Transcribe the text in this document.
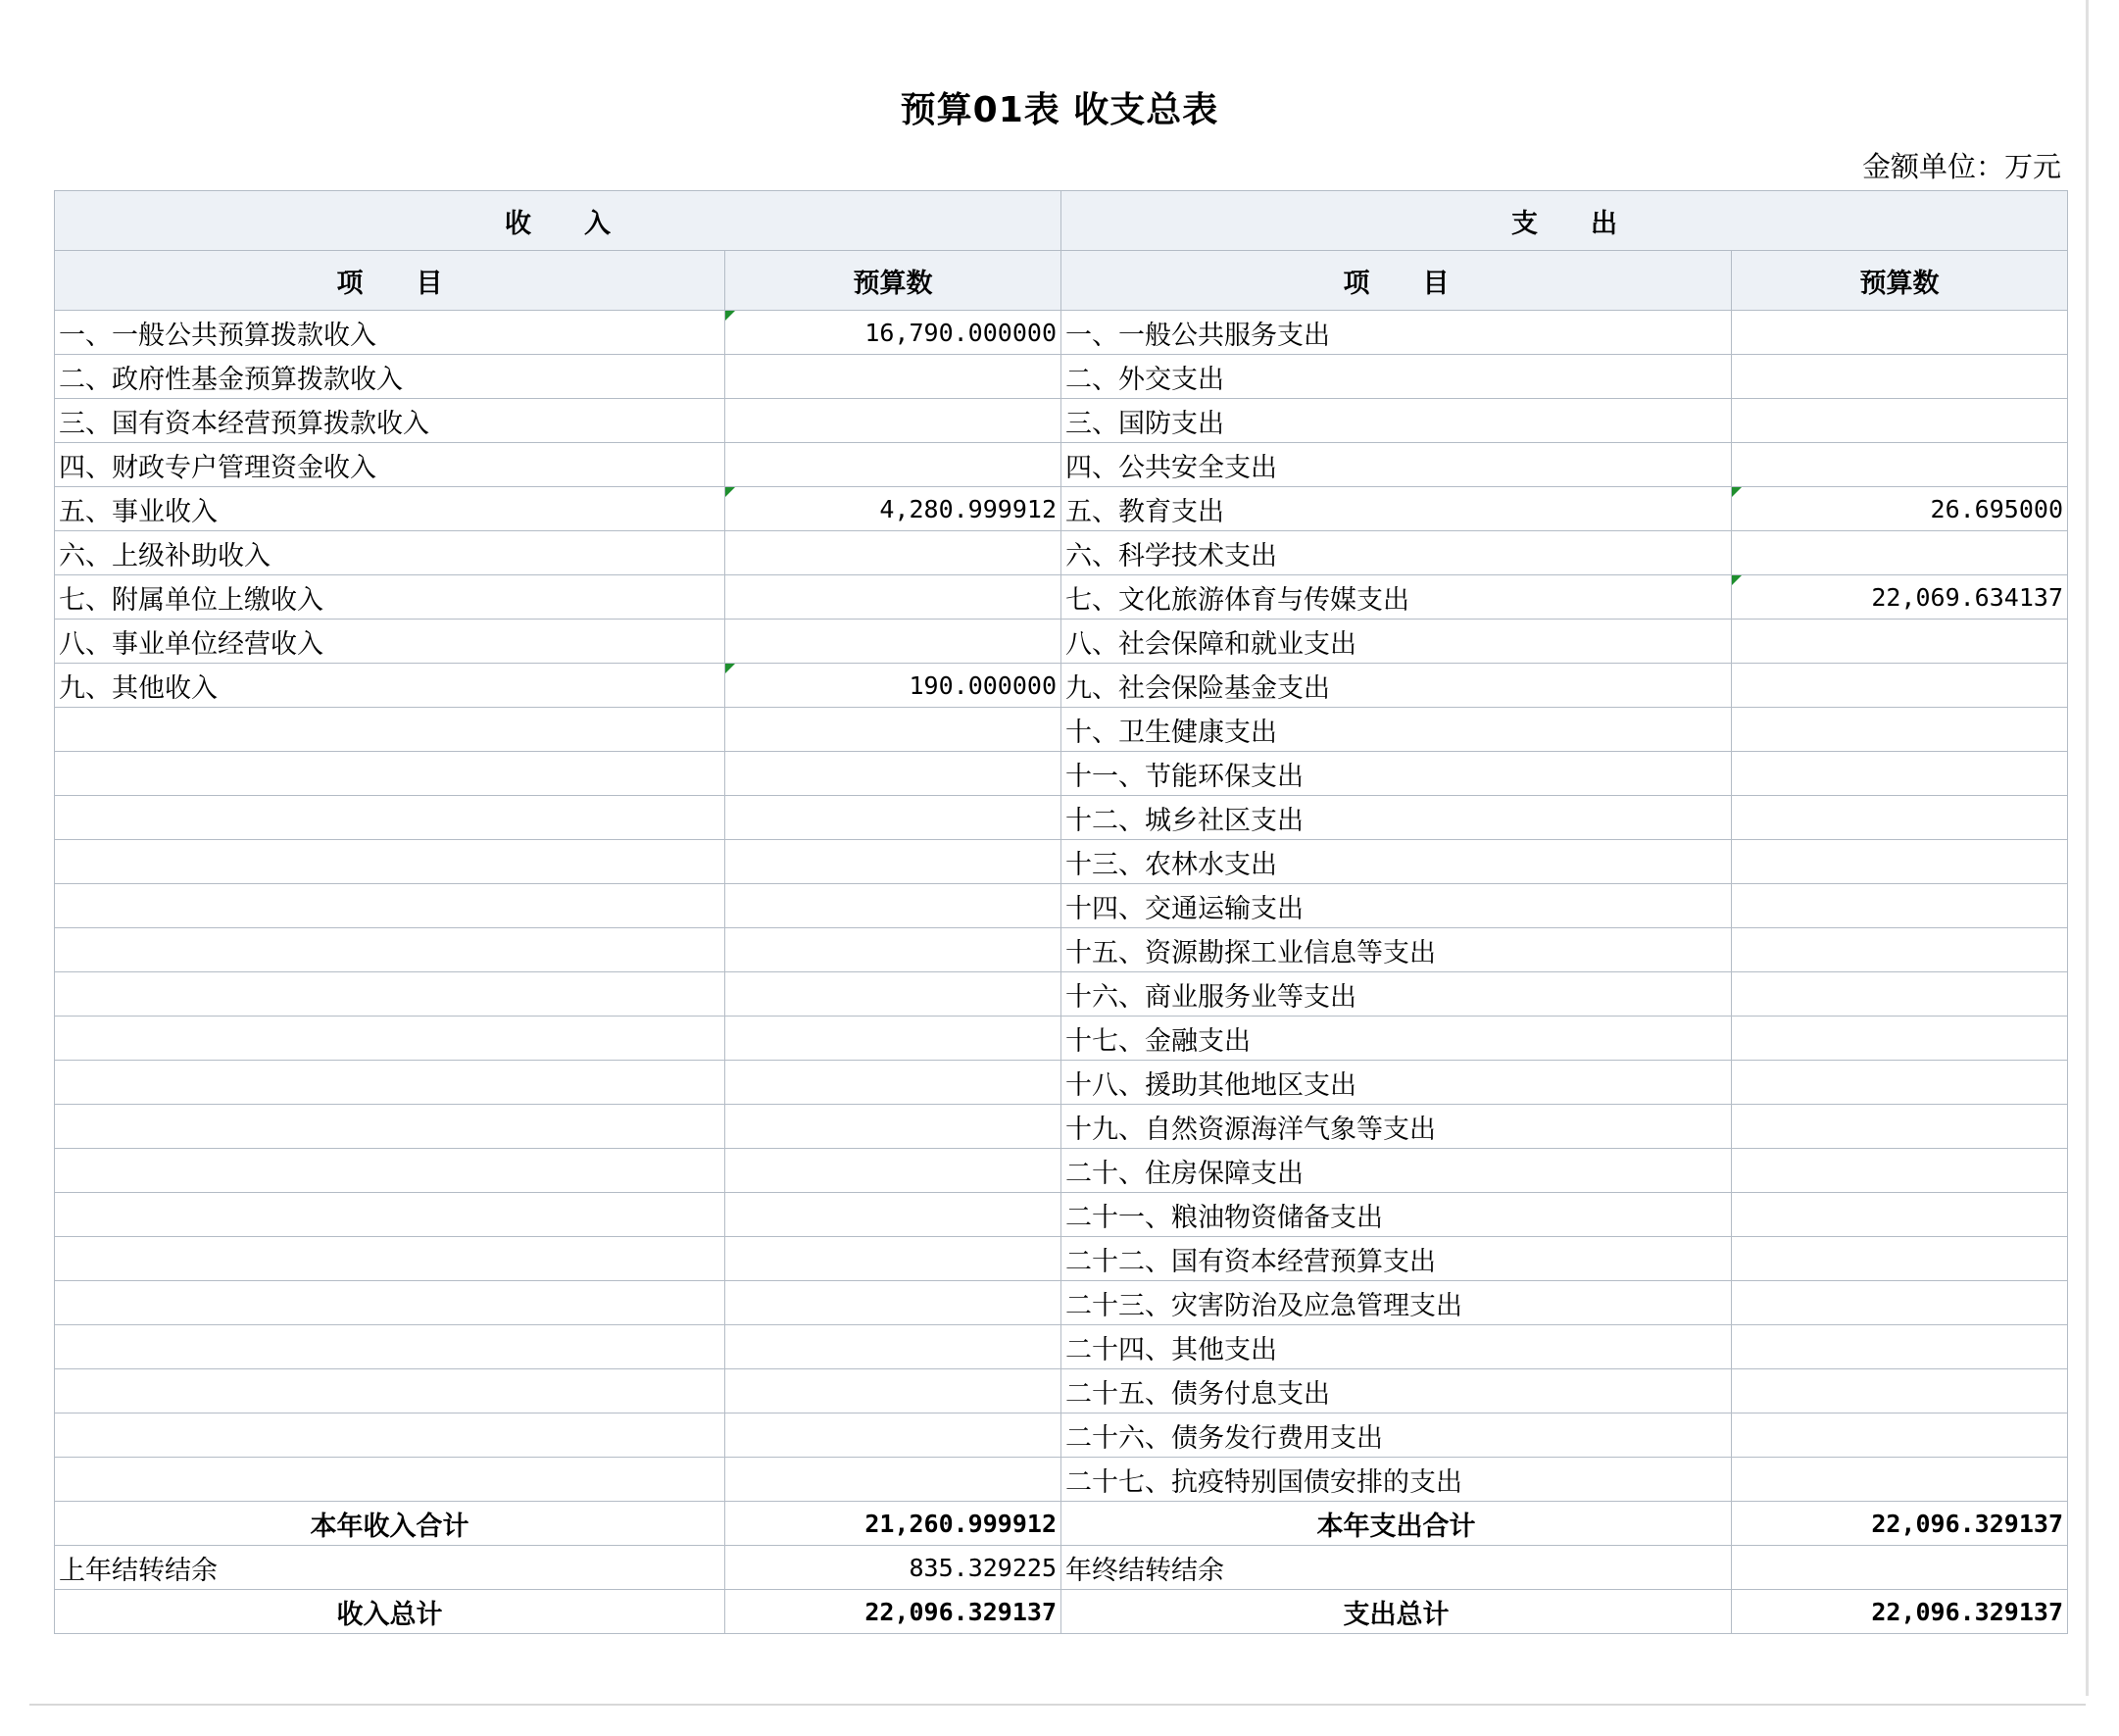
预算01表 收支总表
金额单位：万元
收　　入		支　　出	
项　　目	预算数	项　　目	预算数
一、一般公共预算拨款收入	16,790.000000	一、一般公共服务支出	
二、政府性基金预算拨款收入		二、外交支出	
三、国有资本经营预算拨款收入		三、国防支出	
四、财政专户管理资金收入		四、公共安全支出	
五、事业收入	4,280.999912	五、教育支出	26.695000

六、上级补助收入		六、科学技术支出	
七、附属单位上缴收入		七、文化旅游体育与传媒支出	22,069.634137

八、事业单位经营收入		八、社会保障和就业支出	
九、其他收入	190.000000	九、社会保险基金支出	
		十、卫生健康支出	
		十一、节能环保支出	
		十二、城乡社区支出	
		十三、农林水支出	
		十四、交通运输支出	
		十五、资源勘探工业信息等支出	
		十六、商业服务业等支出	
		十七、金融支出	
		十八、援助其他地区支出	
		十九、自然资源海洋气象等支出	
		二十、住房保障支出	
		二十一、粮油物资储备支出	
		二十二、国有资本经营预算支出	
		二十三、灾害防治及应急管理支出	
		二十四、其他支出	
		二十五、债务付息支出	
		二十六、债务发行费用支出	
		二十七、抗疫特别国债安排的支出	
本年收入合计	21,260.999912	本年支出合计	22,096.329137
上年结转结余	835.329225	年终结转结余	
收入总计	22,096.329137	支出总计	22,096.329137
